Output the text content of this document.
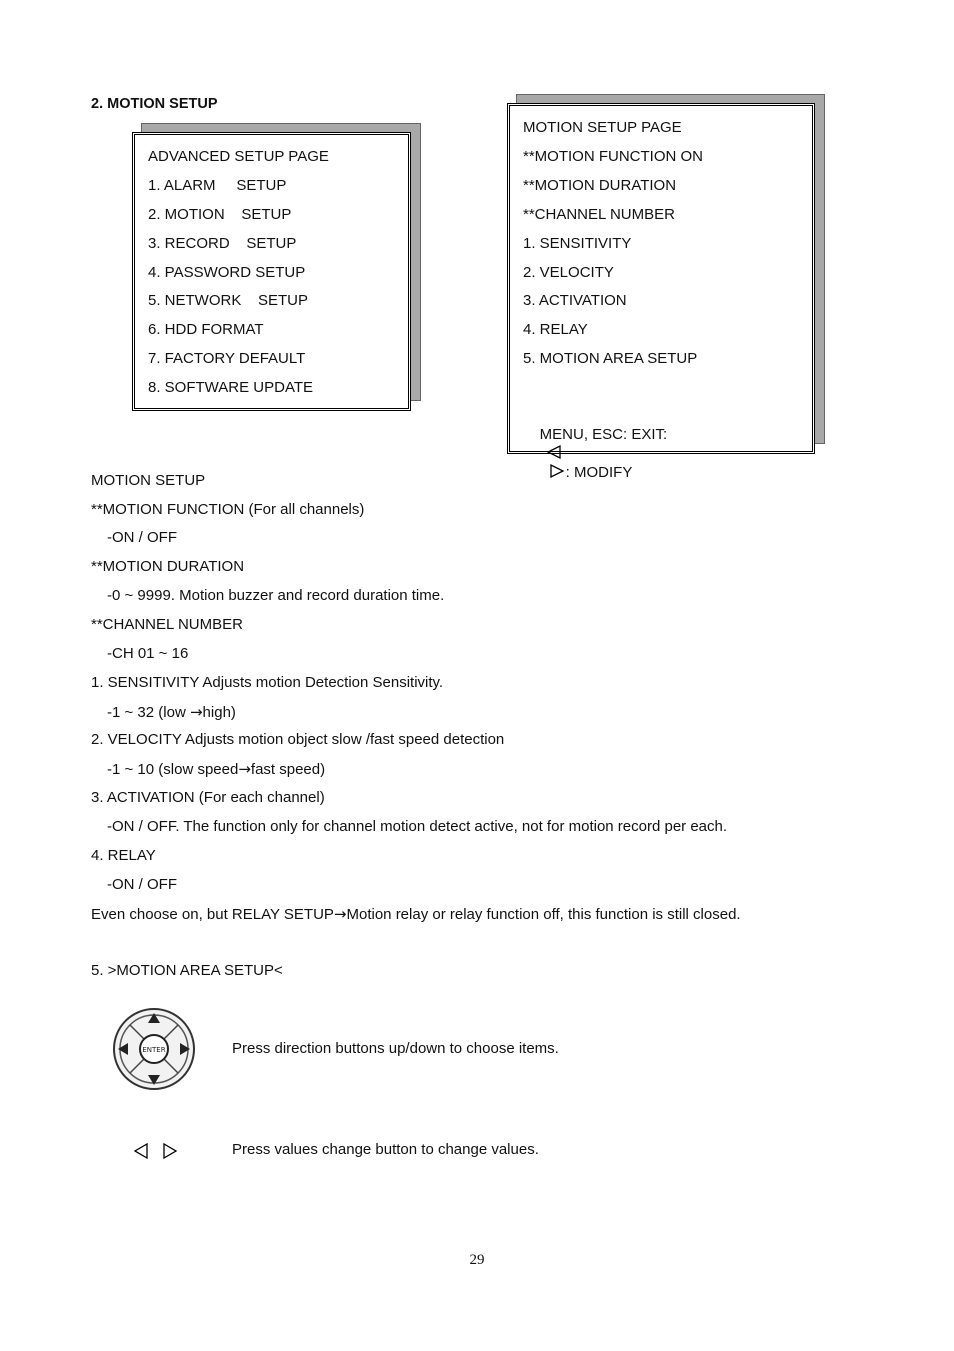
2. MOTION SETUP
ADVANCED SETUP PAGE
1. ALARM     SETUP
2. MOTION    SETUP
3. RECORD    SETUP
4. PASSWORD SETUP
5. NETWORK    SETUP
6. HDD FORMAT
7. FACTORY DEFAULT
8. SOFTWARE UPDATE
MOTION SETUP PAGE
**MOTION FUNCTION ON
**MOTION DURATION
**CHANNEL NUMBER
1. SENSITIVITY
2. VELOCITY
3. ACTIVATION
4. RELAY
5. MOTION AREA SETUP

MENU, ESC: EXIT:

: MODIFY

MOTION SETUP
**MOTION FUNCTION (For all channels)
-ON / OFF
**MOTION DURATION
-0 ~ 9999. Motion buzzer and record duration time.
**CHANNEL NUMBER
-CH 01 ~ 16
1. SENSITIVITY Adjusts motion Detection Sensitivity.
-1 ~ 32 (low →high)
2. VELOCITY Adjusts motion object slow /fast speed detection
-1 ~ 10 (slow speed→fast speed)
3. ACTIVATION (For each channel)
-ON / OFF. The function only for channel motion detect active, not for motion record per each.
4. RELAY
-ON / OFF
Even choose on, but RELAY SETUP→Motion relay or relay function off, this function is still closed.
5. >MOTION AREA SETUP<
ENTER	Press direction buttons up/down to choose items.
Press values change button to change values.
29
